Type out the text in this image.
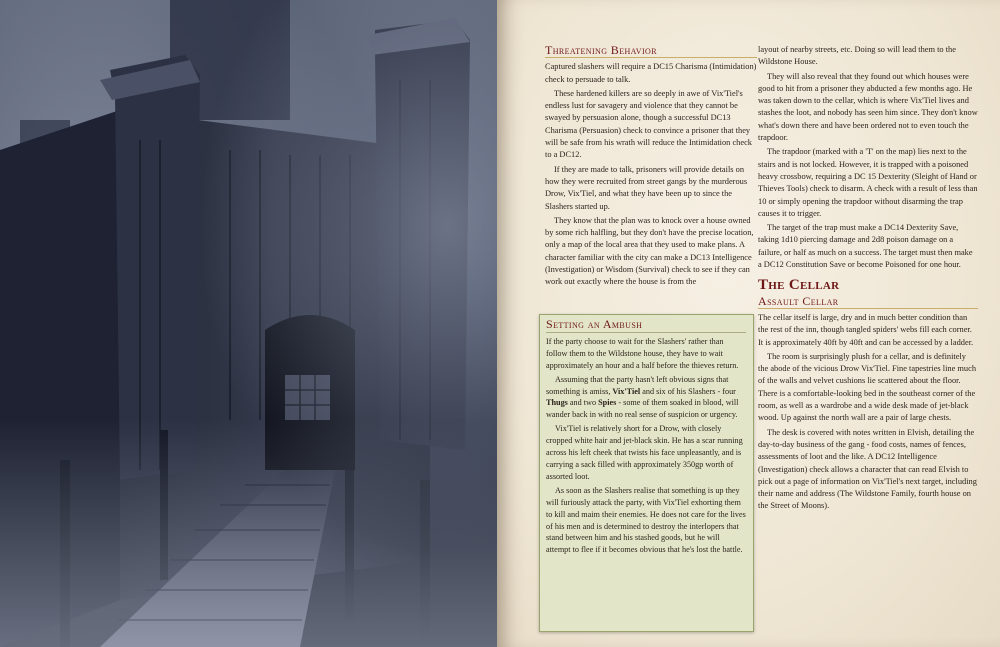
Threatening Behavior

Captured slashers will require a DC15 Charisma (Intimidation) check to persuade to talk.

These hardened killers are so deeply in awe of Vix'Tiel's endless lust for savagery and violence that they cannot be swayed by persuasion alone, though a successful DC13 Charisma (Persuasion) check to convince a prisoner that they will be safe from his wrath will reduce the Intimidation check to a DC12.

If they are made to talk, prisoners will provide details on how they were recruited from street gangs by the murderous Drow, Vix'Tiel, and what they have been up to since the Slashers started up.

They know that the plan was to knock over a house owned by some rich halfling, but they don't have the precise location, only a map of the local area that they used to make plans. A character familiar with the city can make a DC13 Intelligence (Investigation) or Wisdom (Survival) check to see if they can work out exactly where the house is from the

Setting an Ambush

If the party choose to wait for the Slashers' rather than follow them to the Wildstone house, they have to wait approximately an hour and a half before the thieves return.

Assuming that the party hasn't left obvious signs that something is amiss, Vix'Tiel and six of his Slashers - four Thugs and two Spies - some of them soaked in blood, will wander back in with no real sense of suspicion or urgency.

Vix'Tiel is relatively short for a Drow, with closely cropped white hair and jet-black skin. He has a scar running across his left cheek that twists his face unpleasantly, and is carrying a sack filled with approximately 350gp worth of assorted loot.

As soon as the Slashers realise that something is up they will furiously attack the party, with Vix'Tiel exhorting them to kill and maim their enemies. He does not care for the lives of his men and is determined to destroy the interlopers that stand between him and his stashed goods, but he will attempt to flee if it becomes obvious that he's lost the battle.

layout of nearby streets, etc. Doing so will lead them to the Wildstone House.

They will also reveal that they found out which houses were good to hit from a prisoner they abducted a few months ago. He was taken down to the cellar, which is where Vix'Tiel lives and stashes the loot, and nobody has seen him since. They don't know what's down there and have been ordered not to even touch the trapdoor.

The trapdoor (marked with a 'T' on the map) lies next to the stairs and is not locked. However, it is trapped with a poisoned heavy crossbow, requiring a DC 15 Dexterity (Sleight of Hand or Thieves Tools) check to disarm. A check with a result of less than 10 or simply opening the trapdoor without disarming the trap causes it to trigger.

The target of the trap must make a DC14 Dexterity Save, taking 1d10 piercing damage and 2d8 poison damage on a failure, or half as much on a success. The target must then make a DC12 Constitution Save or become Poisoned for one hour.

The Cellar
Assault Cellar

The cellar itself is large, dry and in much better condition than the rest of the inn, though tangled spiders' webs fill each corner. It is approximately 40ft by 40ft and can be accessed by a ladder.

The room is surprisingly plush for a cellar, and is definitely the abode of the vicious Drow Vix'Tiel. Fine tapestries line much of the walls and velvet cushions lie scattered about the floor. There is a comfortable-looking bed in the southeast corner of the room, as well as a wardrobe and a wide desk made of jet-black wood. Up against the north wall are a pair of large chests.

The desk is covered with notes written in Elvish, detailing the day-to-day business of the gang - food costs, names of fences, assessments of loot and the like. A DC12 Intelligence (Investigation) check allows a character that can read Elvish to pick out a page of information on Vix'Tiel's next target, including their name and address (The Wildstone Family, fourth house on the Street of Moons).
